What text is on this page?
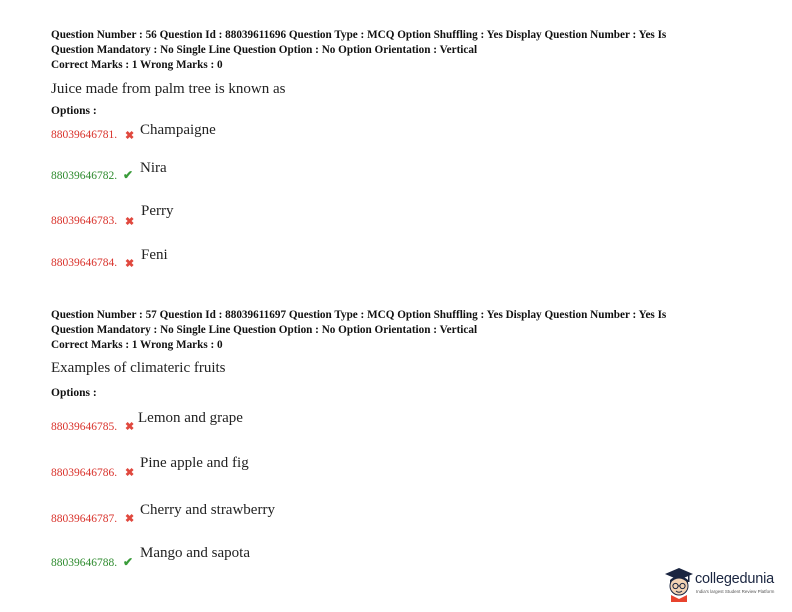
Question Number : 56 Question Id : 88039611696 Question Type : MCQ Option Shuffling : Yes Display Question Number : Yes Is
Question Mandatory : No Single Line Question Option : No Option Orientation : Vertical
Correct Marks : 1 Wrong Marks : 0
Juice made from palm tree is known as
Options :
88039646781. ✖ Champaigne
88039646782. ✔ Nira
88039646783. ✖
Perry
88039646784. ✖
Feni
Question Number : 57 Question Id : 88039611697 Question Type : MCQ Option Shuffling : Yes Display Question Number : Yes Is
Question Mandatory : No Single Line Question Option : No Option Orientation : Vertical
Correct Marks : 1 Wrong Marks : 0
Examples of climateric fruits
Options :
88039646785. ✖
Lemon and grape
88039646786. ✖
Pine apple and fig
88039646787. ✖
Cherry and strawberry
88039646788. ✔
Mango and sapota
collegedunia
India's largest Student Review Platform
